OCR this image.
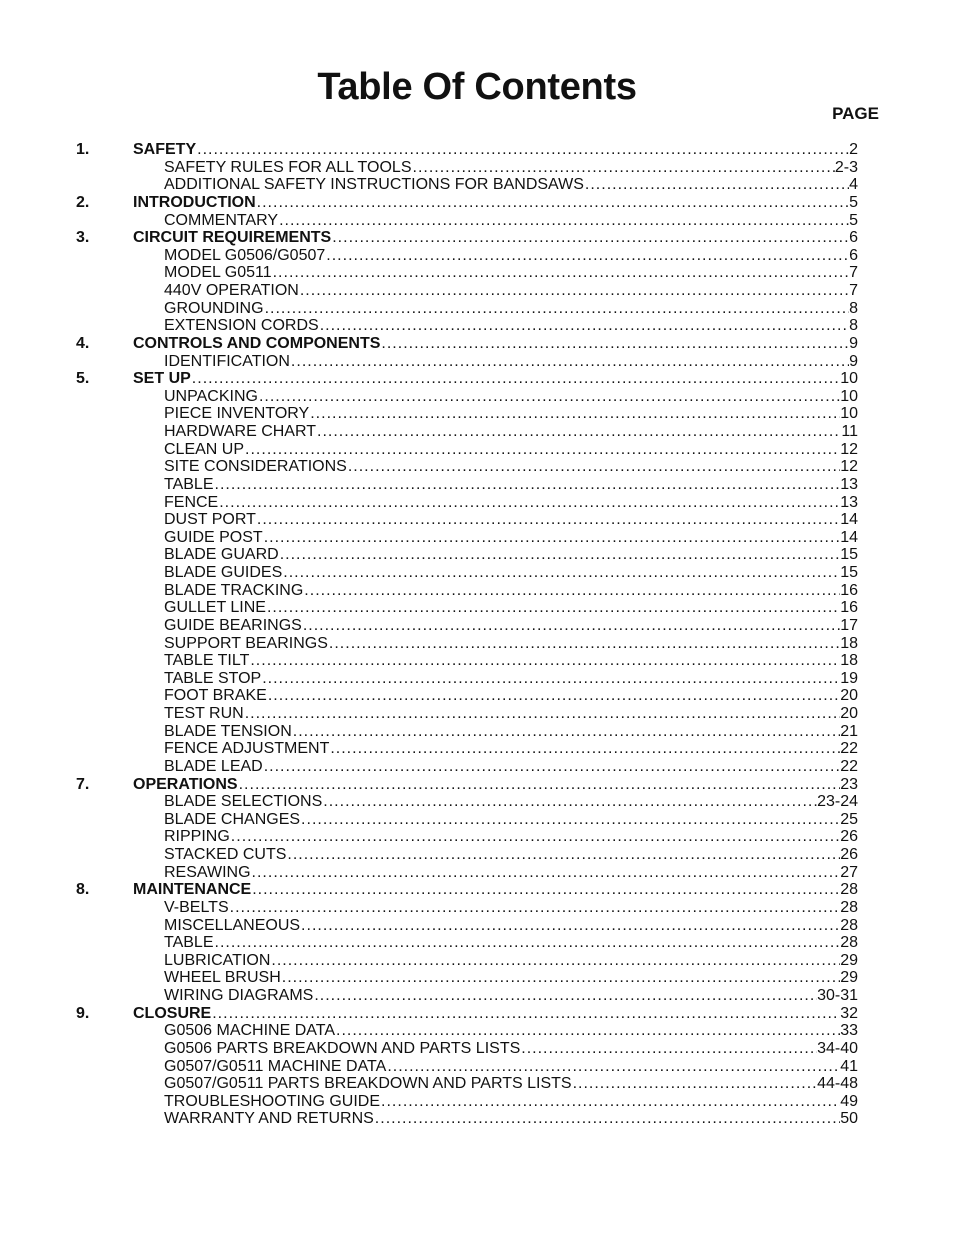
Table Of Contents
PAGE
1.	SAFETY .....	2
SAFETY RULES FOR ALL TOOLS .....	2-3
ADDITIONAL SAFETY INSTRUCTIONS FOR BANDSAWS .....	4
2.	INTRODUCTION .....	5
COMMENTARY .....	5
3.	CIRCUIT REQUIREMENTS .....	6
MODEL G0506/G0507 .....	6
MODEL G0511 .....	7
440V OPERATION .....	7
GROUNDING .....	8
EXTENSION CORDS .....	8
4.	CONTROLS AND COMPONENTS .....	9
IDENTIFICATION .....	9
5.	SET UP .....	10
UNPACKING .....	10
PIECE INVENTORY .....	10
HARDWARE CHART .....	11
CLEAN UP .....	12
SITE CONSIDERATIONS .....	12
TABLE .....	13
FENCE .....	13
DUST PORT .....	14
GUIDE POST .....	14
BLADE GUARD .....	15
BLADE GUIDES .....	15
BLADE TRACKING .....	16
GULLET LINE .....	16
GUIDE BEARINGS .....	17
SUPPORT BEARINGS .....	18
TABLE TILT .....	18
TABLE STOP .....	19
FOOT BRAKE .....	20
TEST RUN .....	20
BLADE TENSION .....	21
FENCE ADJUSTMENT .....	22
BLADE LEAD .....	22
7.	OPERATIONS .....	23
BLADE SELECTIONS .....	23-24
BLADE CHANGES .....	25
RIPPING .....	26
STACKED CUTS .....	26
RESAWING .....	27
8.	MAINTENANCE .....	28
V-BELTS .....	28
MISCELLANEOUS .....	28
TABLE .....	28
LUBRICATION .....	29
WHEEL BRUSH .....	29
WIRING DIAGRAMS .....	30-31
9.	CLOSURE .....	32
G0506 MACHINE DATA .....	33
G0506 PARTS BREAKDOWN AND PARTS LISTS .....	34-40
G0507/G0511 MACHINE DATA .....	41
G0507/G0511 PARTS BREAKDOWN AND PARTS LISTS .....	44-48
TROUBLESHOOTING GUIDE .....	49
WARRANTY AND RETURNS .....	50
